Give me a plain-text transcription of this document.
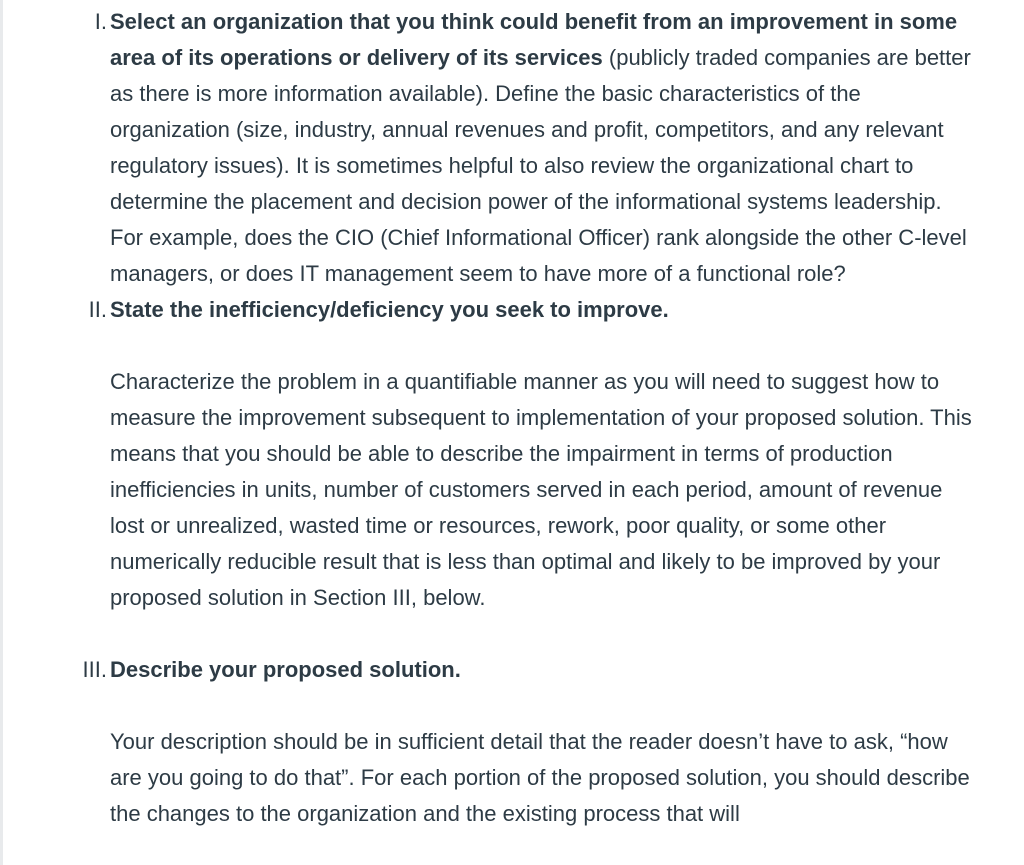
I. Select an organization that you think could benefit from an improvement in some area of its operations or delivery of its services (publicly traded companies are better as there is more information available). Define the basic characteristics of the organization (size, industry, annual revenues and profit, competitors, and any relevant regulatory issues). It is sometimes helpful to also review the organizational chart to determine the placement and decision power of the informational systems leadership. For example, does the CIO (Chief Informational Officer) rank alongside the other C-level managers, or does IT management seem to have more of a functional role?

II. State the inefficiency/deficiency you seek to improve.

Characterize the problem in a quantifiable manner as you will need to suggest how to measure the improvement subsequent to implementation of your proposed solution. This means that you should be able to describe the impairment in terms of production inefficiencies in units, number of customers served in each period, amount of revenue lost or unrealized, wasted time or resources, rework, poor quality, or some other numerically reducible result that is less than optimal and likely to be improved by your proposed solution in Section III, below.

III. Describe your proposed solution.

Your description should be in sufficient detail that the reader doesn’t have to ask, “how are you going to do that”. For each portion of the proposed solution, you should describe the changes to the organization and the existing process that will
